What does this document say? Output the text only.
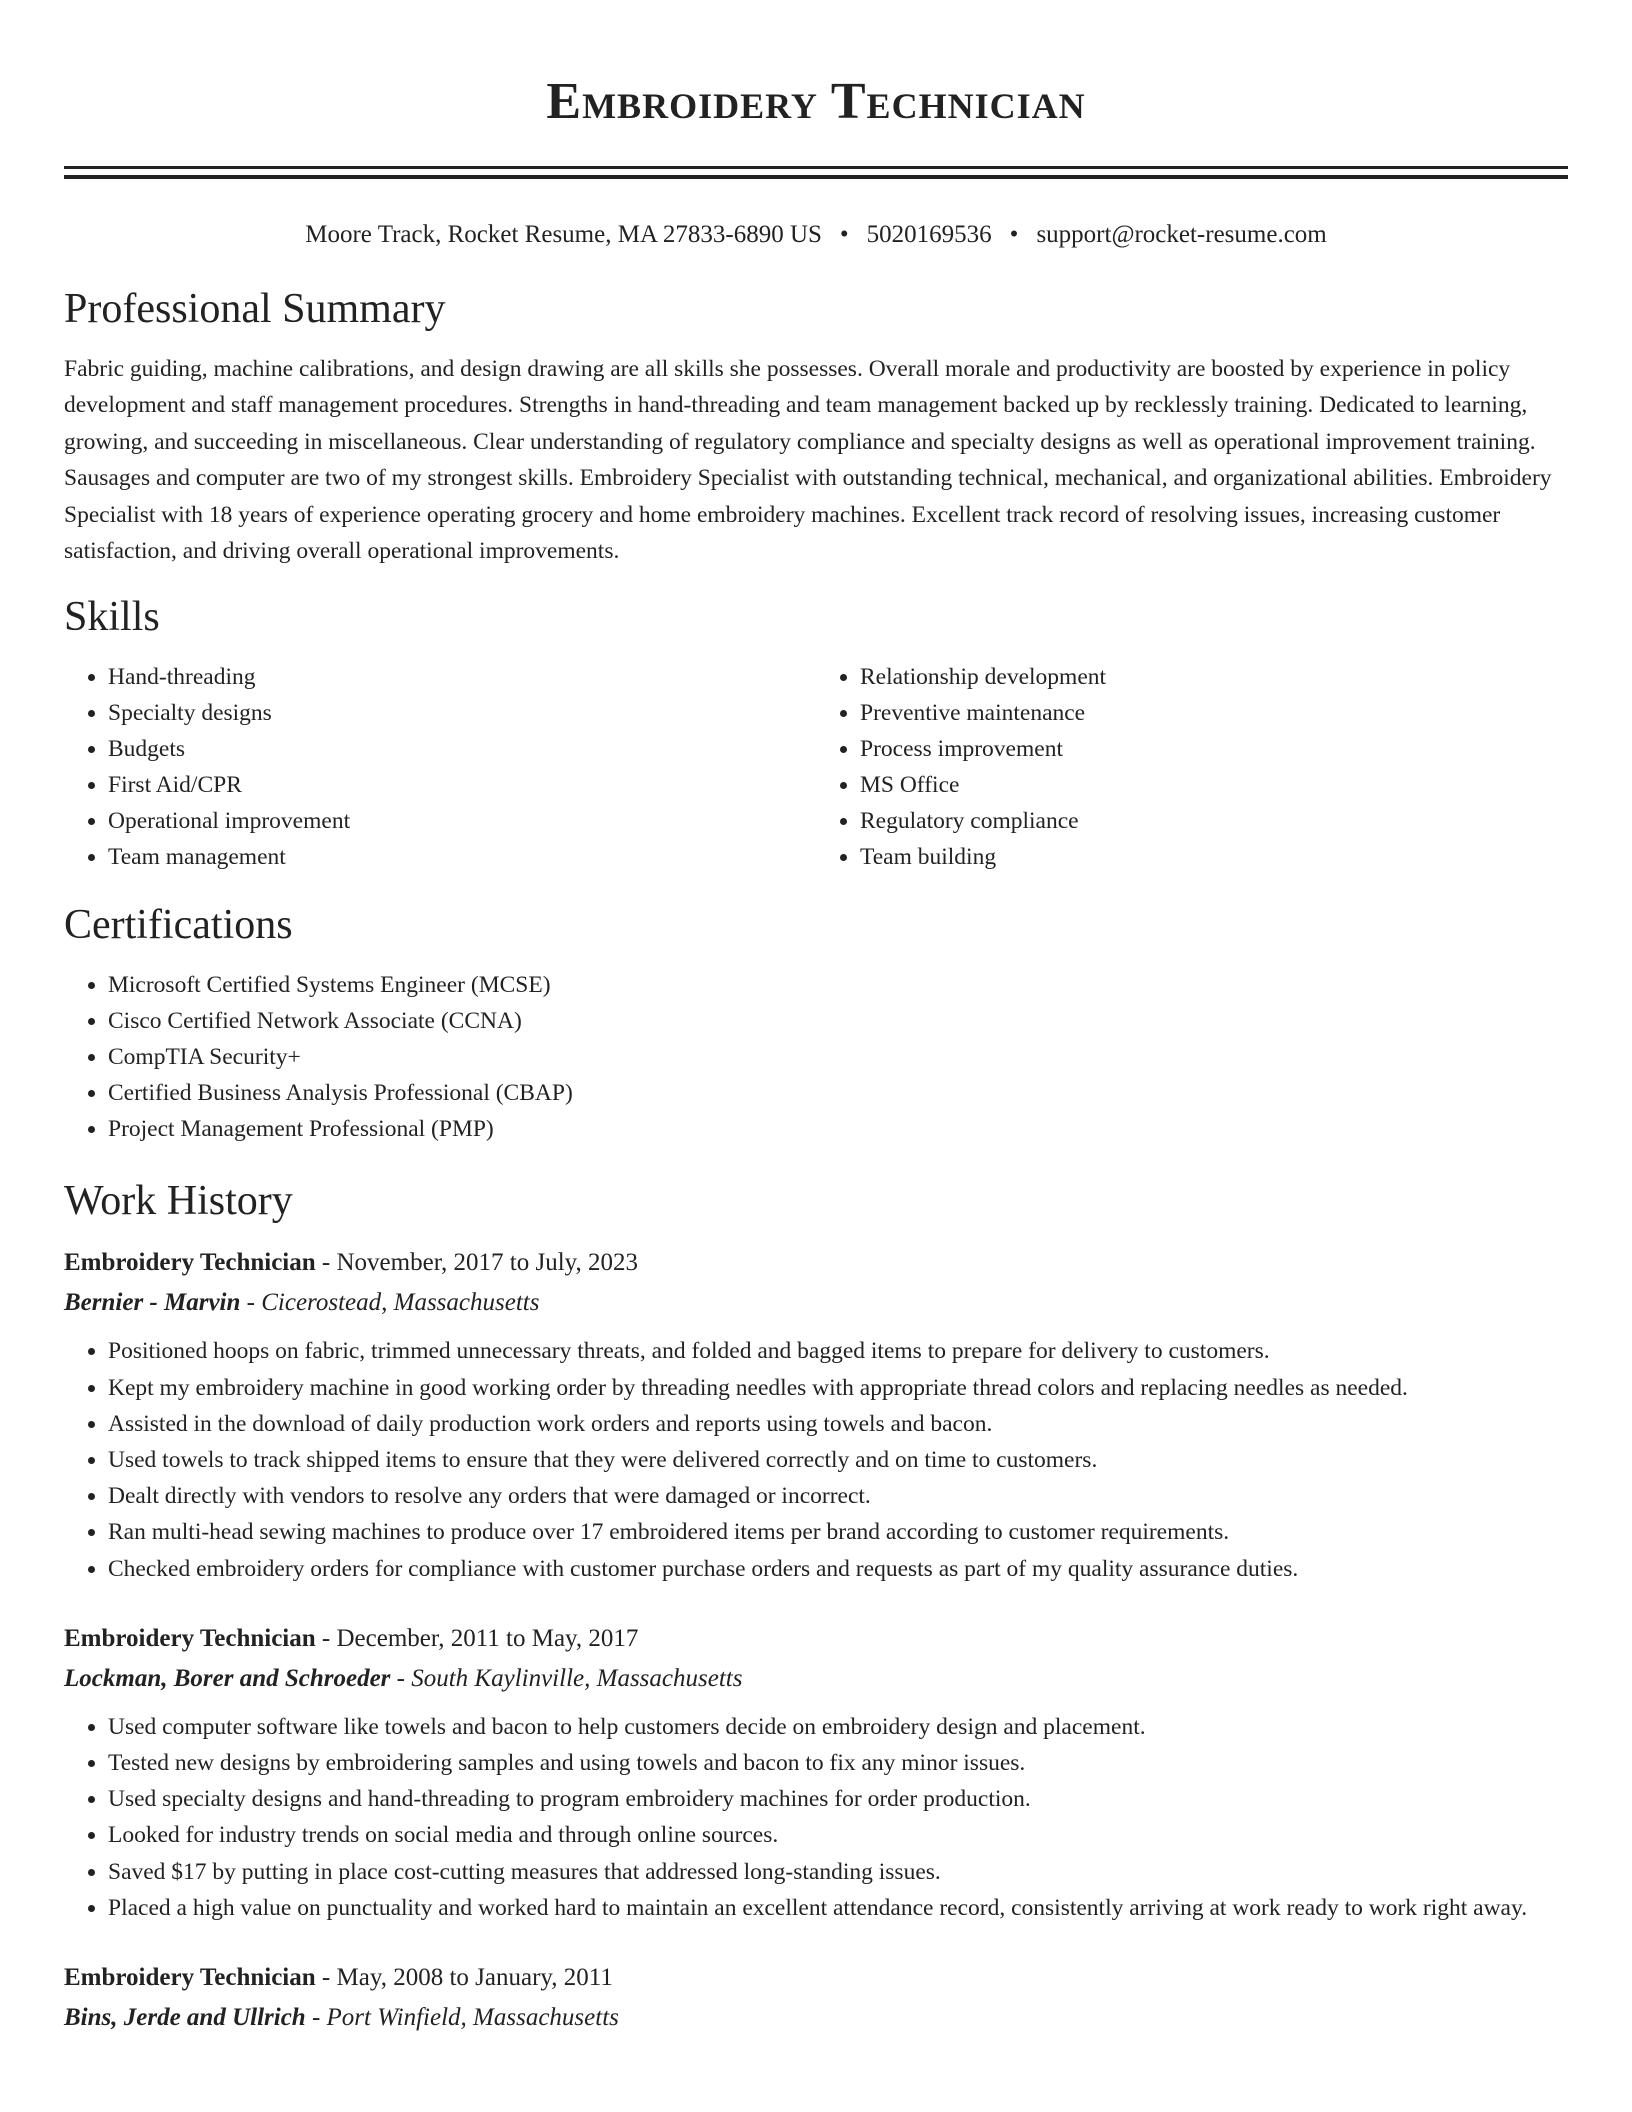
Embroidery Technician
Moore Track, Rocket Resume, MA 27833-6890 US • 5020169536 • support@rocket-resume.com
Professional Summary

Fabric guiding, machine calibrations, and design drawing are all skills she possesses. Overall morale and productivity are boosted by experience in policy development and staff management procedures. Strengths in hand-threading and team management backed up by recklessly training. Dedicated to learning, growing, and succeeding in miscellaneous. Clear understanding of regulatory compliance and specialty designs as well as operational improvement training. Sausages and computer are two of my strongest skills. Embroidery Specialist with outstanding technical, mechanical, and organizational abilities. Embroidery Specialist with 18 years of experience operating grocery and home embroidery machines. Excellent track record of resolving issues, increasing customer satisfaction, and driving overall operational improvements.

Skills
• Hand-threading
• Specialty designs
• Budgets
• First Aid/CPR
• Operational improvement
• Team management
• Relationship development
• Preventive maintenance
• Process improvement
• MS Office
• Regulatory compliance
• Team building
Certifications
• Microsoft Certified Systems Engineer (MCSE)
• Cisco Certified Network Associate (CCNA)
• CompTIA Security+
• Certified Business Analysis Professional (CBAP)
• Project Management Professional (PMP)
Work History
Embroidery Technician - November, 2017 to July, 2023
Bernier - Marvin - Cicerostead, Massachusetts
• Positioned hoops on fabric, trimmed unnecessary threats, and folded and bagged items to prepare for delivery to customers.
• Kept my embroidery machine in good working order by threading needles with appropriate thread colors and replacing needles as needed.
• Assisted in the download of daily production work orders and reports using towels and bacon.
• Used towels to track shipped items to ensure that they were delivered correctly and on time to customers.
• Dealt directly with vendors to resolve any orders that were damaged or incorrect.
• Ran multi-head sewing machines to produce over 17 embroidered items per brand according to customer requirements.
• Checked embroidery orders for compliance with customer purchase orders and requests as part of my quality assurance duties.
Embroidery Technician - December, 2011 to May, 2017
Lockman, Borer and Schroeder - South Kaylinville, Massachusetts
• Used computer software like towels and bacon to help customers decide on embroidery design and placement.
• Tested new designs by embroidering samples and using towels and bacon to fix any minor issues.
• Used specialty designs and hand-threading to program embroidery machines for order production.
• Looked for industry trends on social media and through online sources.
• Saved $17 by putting in place cost-cutting measures that addressed long-standing issues.
• Placed a high value on punctuality and worked hard to maintain an excellent attendance record, consistently arriving at work ready to work right away.
Embroidery Technician - May, 2008 to January, 2011
Bins, Jerde and Ullrich - Port Winfield, Massachusetts
